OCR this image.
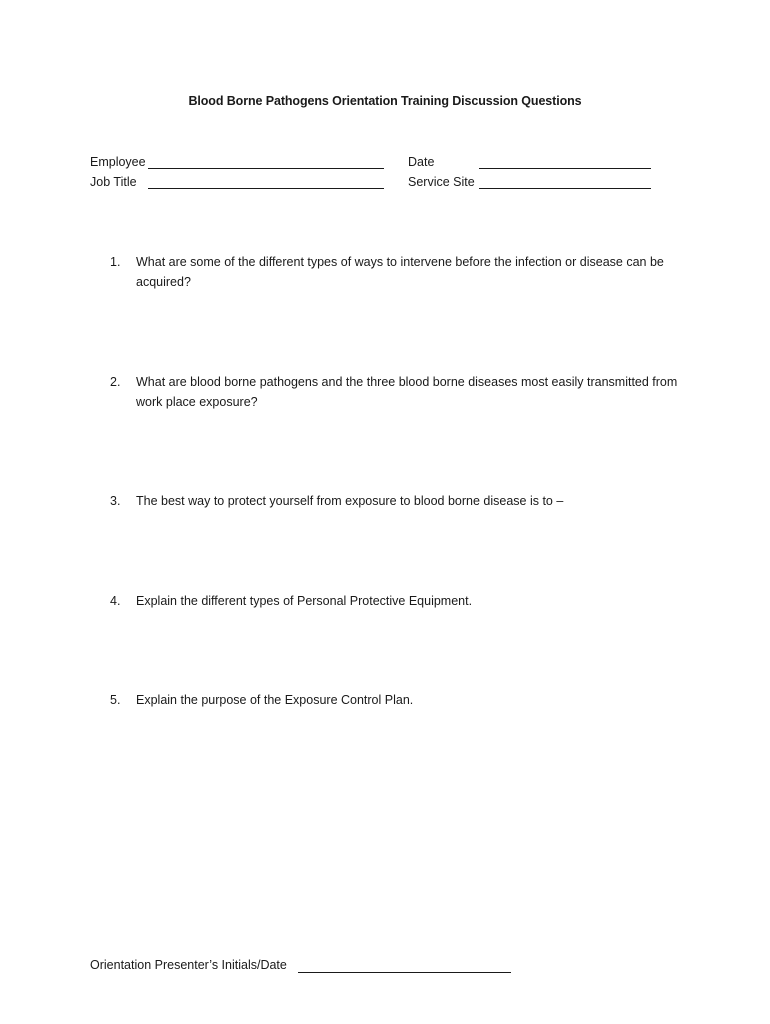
Blood Borne Pathogens Orientation Training Discussion Questions
Employee
Job Title
Date
Service Site
1. What are some of the different types of ways to intervene before the infection or disease can be acquired?
2. What are blood borne pathogens and the three blood borne diseases most easily transmitted from work place exposure?
3. The best way to protect yourself from exposure to blood borne disease is to –
4. Explain the different types of Personal Protective Equipment.
5. Explain the purpose of the Exposure Control Plan.
Orientation Presenter’s Initials/Date
